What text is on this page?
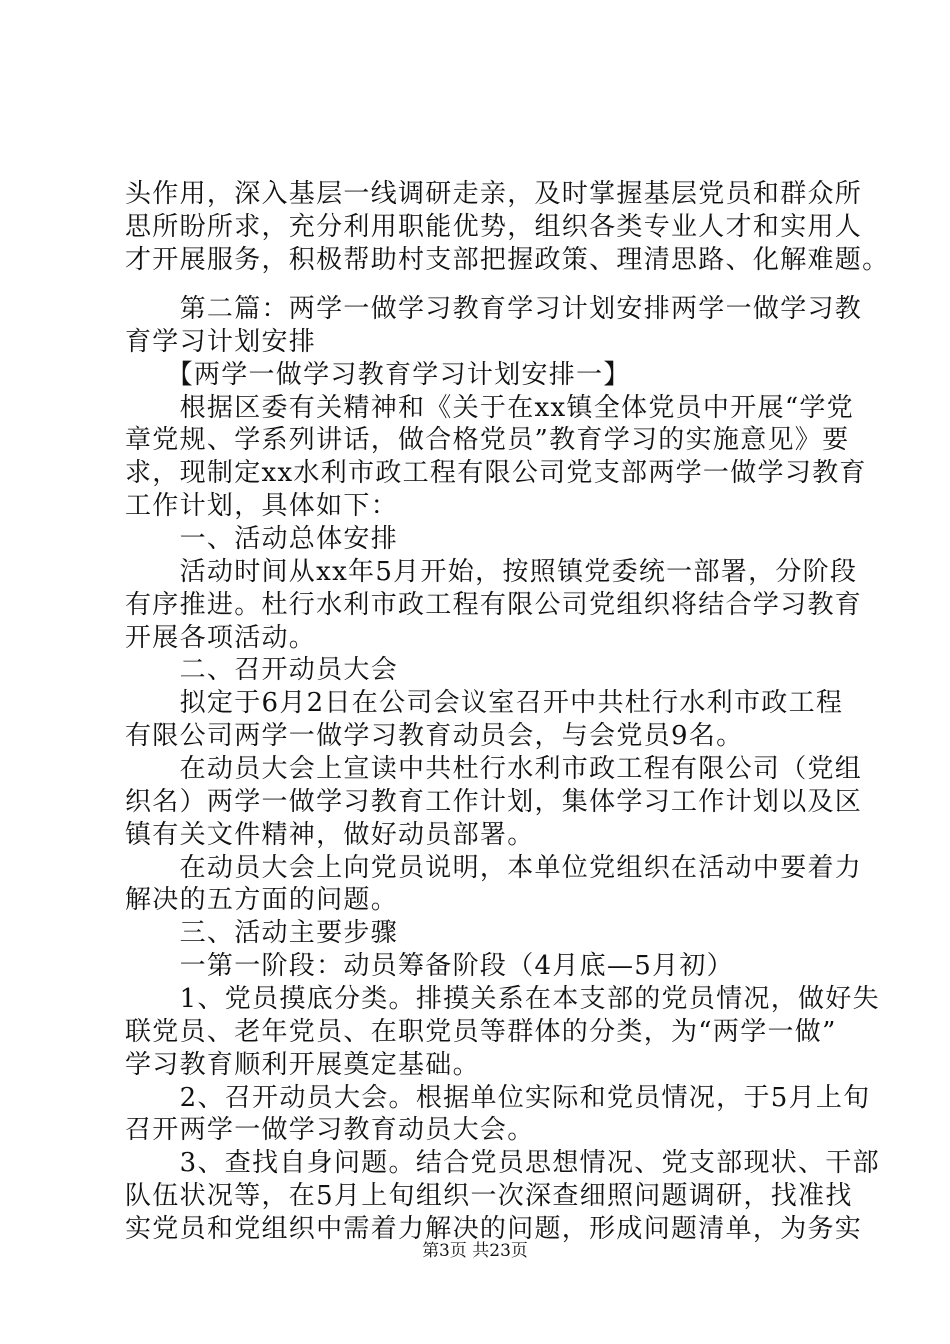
头作用，深入基层一线调研走亲，及时掌握基层党员和群众所
思所盼所求，充分利用职能优势，组织各类专业人才和实用人
才开展服务，积极帮助村支部把握政策、理清思路、化解难题。
　　第二篇：两学一做学习教育学习计划安排两学一做学习教
育学习计划安排
　　【两学一做学习教育学习计划安排一】
　　根据区委有关精神和《关于在xx镇全体党员中开展“学党
章党规、学系列讲话，做合格党员”教育学习的实施意见》要
求，现制定xx水利市政工程有限公司党支部两学一做学习教育
工作计划，具体如下：
　　一、活动总体安排
　　活动时间从xx年5月开始，按照镇党委统一部署，分阶段
有序推进。杜行水利市政工程有限公司党组织将结合学习教育
开展各项活动。
　　二、召开动员大会
　　拟定于6月2日在公司会议室召开中共杜行水利市政工程
有限公司两学一做学习教育动员会，与会党员9名。
　　在动员大会上宣读中共杜行水利市政工程有限公司（党组
织名）两学一做学习教育工作计划，集体学习工作计划以及区
镇有关文件精神，做好动员部署。
　　在动员大会上向党员说明，本单位党组织在活动中要着力
解决的五方面的问题。
　　三、活动主要步骤
　　一第一阶段：动员筹备阶段（4月底—5月初）
　　1、党员摸底分类。排摸关系在本支部的党员情况，做好失
联党员、老年党员、在职党员等群体的分类，为“两学一做”
学习教育顺利开展奠定基础。
　　2、召开动员大会。根据单位实际和党员情况，于5月上旬
召开两学一做学习教育动员大会。
　　3、查找自身问题。结合党员思想情况、党支部现状、干部
队伍状况等，在5月上旬组织一次深查细照问题调研，找准找
实党员和党组织中需着力解决的问题，形成问题清单，为务实
第3页 共23页
